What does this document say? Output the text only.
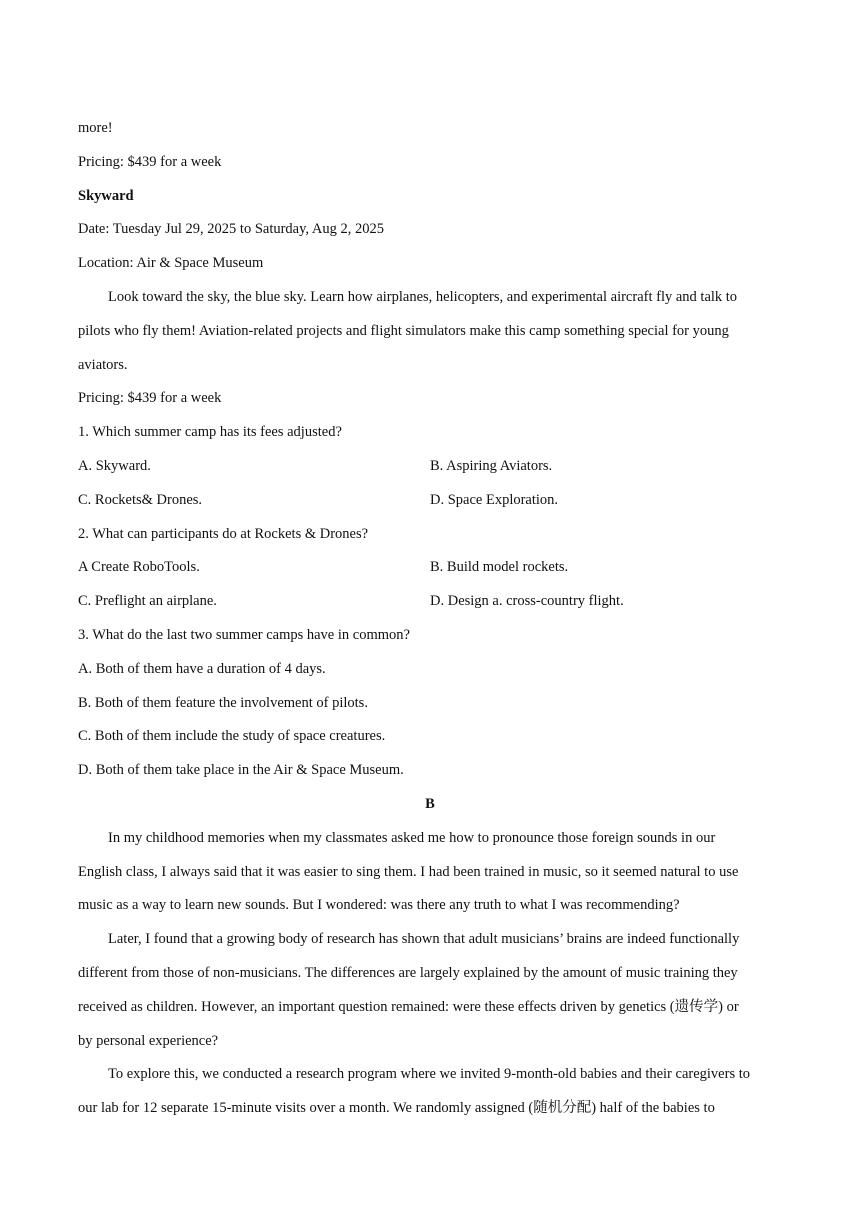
more!
Pricing: $439 for a week
Skyward
Date: Tuesday Jul 29, 2025 to Saturday, Aug 2, 2025
Location: Air & Space Museum
Look toward the sky, the blue sky. Learn how airplanes, helicopters, and experimental aircraft fly and talk to
pilots who fly them! Aviation-related projects and flight simulators make this camp something special for young
aviators.
Pricing: $439 for a week
1. Which summer camp has its fees adjusted?
A. Skyward.	B. Aspiring Aviators.
C. Rockets& Drones.	D. Space Exploration.
2. What can participants do at Rockets & Drones?
A Create RoboTools.	B. Build model rockets.
C. Preflight an airplane.	D. Design a. cross-country flight.
3. What do the last two summer camps have in common?
A. Both of them have a duration of 4 days.
B. Both of them feature the involvement of pilots.
C. Both of them include the study of space creatures.
D. Both of them take place in the Air & Space Museum.
B
In my childhood memories when my classmates asked me how to pronounce those foreign sounds in our
English class, I always said that it was easier to sing them. I had been trained in music, so it seemed natural to use
music as a way to learn new sounds. But I wondered: was there any truth to what I was recommending?
Later, I found that a growing body of research has shown that adult musicians’ brains are indeed functionally
different from those of non-musicians. The differences are largely explained by the amount of music training they
received as children. However, an important question remained: were these effects driven by genetics (遗传学) or
by personal experience?
To explore this, we conducted a research program where we invited 9-month-old babies and their caregivers to
our lab for 12 separate 15-minute visits over a month. We randomly assigned (随机分配) half of the babies to
